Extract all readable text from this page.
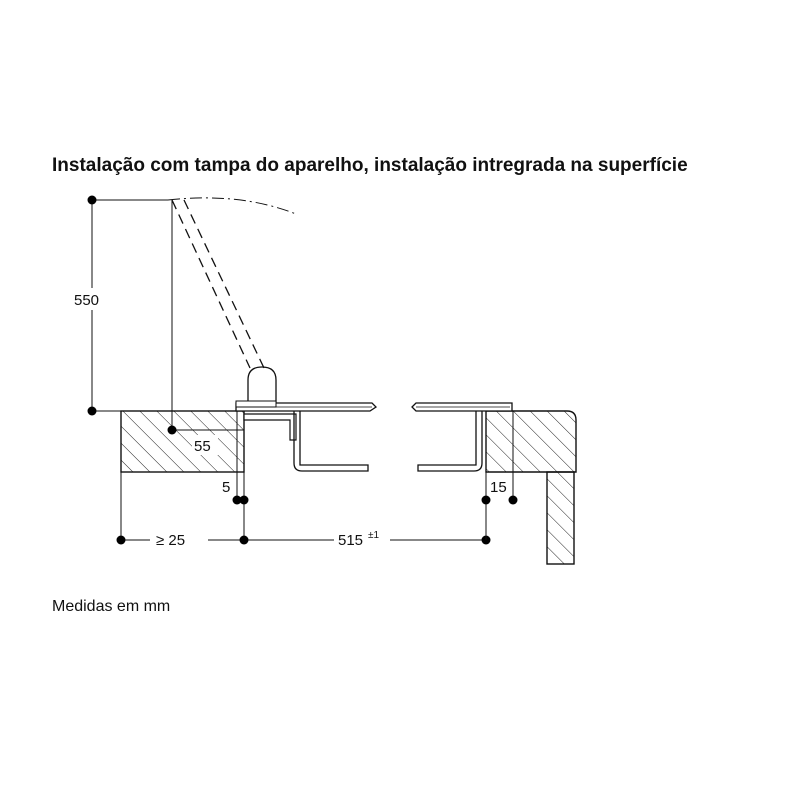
Instalação com tampa do aparelho, instalação intregrada na superfície
550
55
5
≥ 25	515 ±1
15
Medidas em mm
